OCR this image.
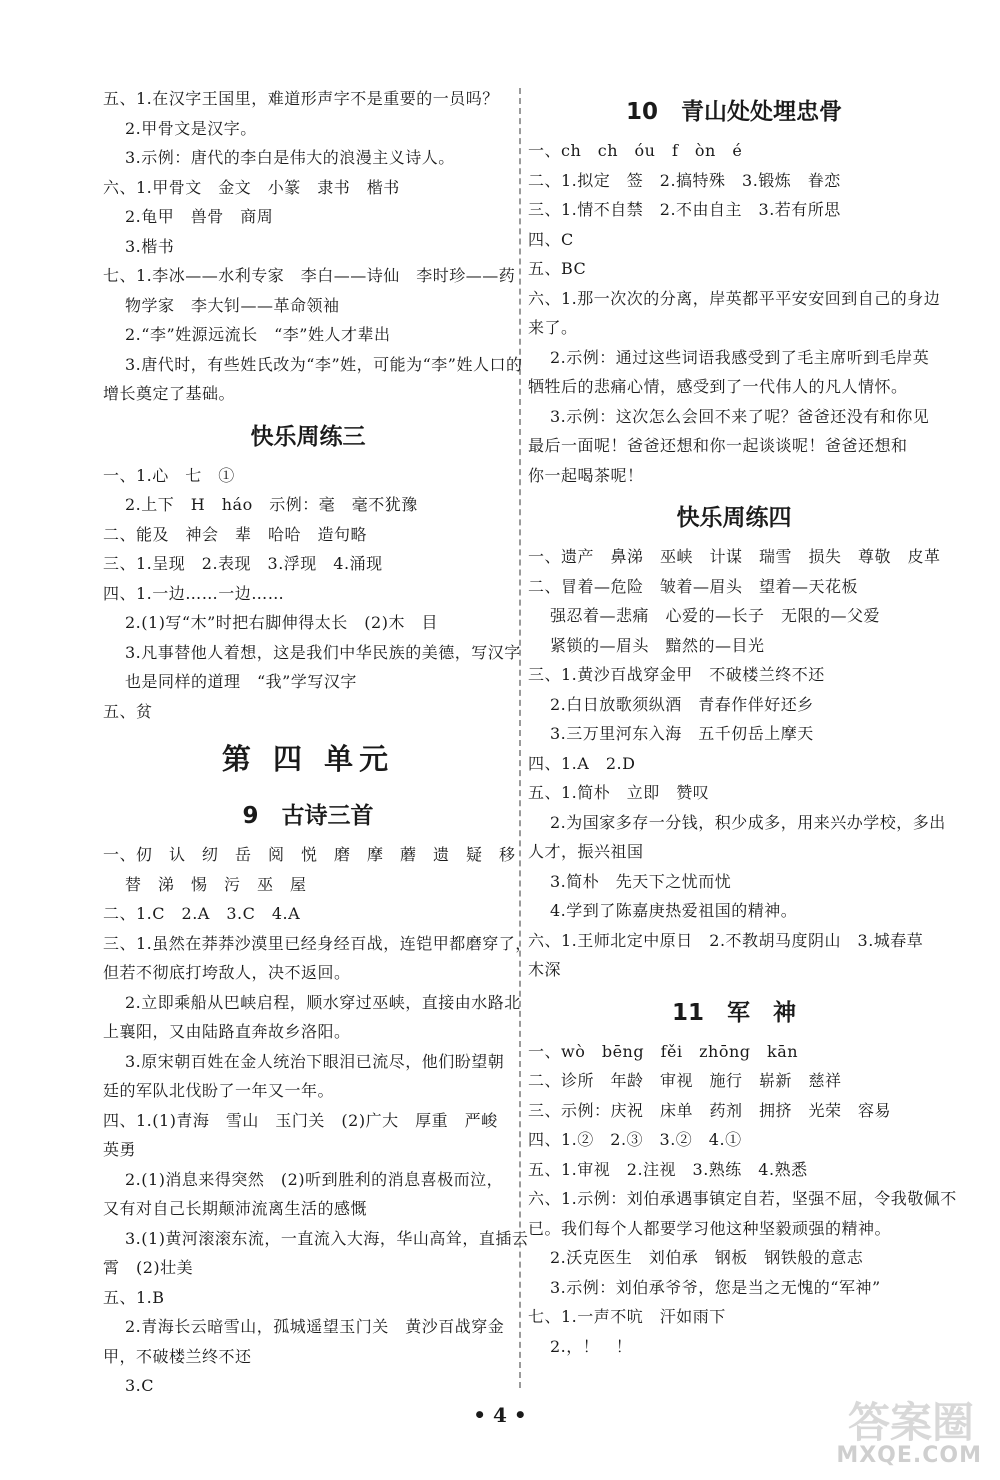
五、1.在汉字王国里，难道形声字不是重要的一员吗？
2.甲骨文是汉字。
3.示例：唐代的李白是伟大的浪漫主义诗人。
六、1.甲骨文　金文　小篆　隶书　楷书
2.龟甲　兽骨　商周
3.楷书
七、1.李冰——水利专家　李白——诗仙　李时珍——药
物学家　李大钊——革命领袖
2.“李”姓源远流长　“李”姓人才辈出
3.唐代时，有些姓氏改为“李”姓，可能为“李”姓人口的
增长奠定了基础。
快乐周练三
一、1.心　七　①
2.上下　H　háo　示例：毫　毫不犹豫
二、能及　神会　辈　哈哈　造句略
三、1.呈现　2.表现　3.浮现　4.涌现
四、1.一边……一边……
2.(1)写“木”时把右脚伸得太长　(2)木　目
3.凡事替他人着想，这是我们中华民族的美德，写汉字
也是同样的道理　“我”学写汉字
五、贫
第 四 单元
9　古诗三首
一、仞　认　纫　岳　阅　悦　磨　摩　蘑　遗　疑　移
替　涕　惕　污　巫　屋
二、1.C　2.A　3.C　4.A
三、1.虽然在莽莽沙漠里已经身经百战，连铠甲都磨穿了，
但若不彻底打垮敌人，决不返回。
2.立即乘船从巴峡启程，顺水穿过巫峡，直接由水路北
上襄阳，又由陆路直奔故乡洛阳。
3.原宋朝百姓在金人统治下眼泪已流尽，他们盼望朝
廷的军队北伐盼了一年又一年。
四、1.(1)青海　雪山　玉门关　(2)广大　厚重　严峻
英勇
2.(1)消息来得突然　(2)听到胜利的消息喜极而泣，
又有对自己长期颠沛流离生活的感慨
3.(1)黄河滚滚东流，一直流入大海，华山高耸，直插云
霄　(2)壮美
五、1.B
2.青海长云暗雪山，孤城遥望玉门关　黄沙百战穿金
甲，不破楼兰终不还
3.C
10　青山处处埋忠骨
一、ch　ch　óu　f　òn　é
二、1.拟定　签　2.搞特殊　3.锻炼　眷恋
三、1.情不自禁　2.不由自主　3.若有所思
四、C
五、BC
六、1.那一次次的分离，岸英都平平安安回到自己的身边
来了。
2.示例：通过这些词语我感受到了毛主席听到毛岸英
牺牲后的悲痛心情，感受到了一代伟人的凡人情怀。
3.示例：这次怎么会回不来了呢？爸爸还没有和你见
最后一面呢！爸爸还想和你一起谈谈呢！爸爸还想和
你一起喝茶呢！
快乐周练四
一、遗产　鼻涕　巫峡　计谋　瑞雪　损失　尊敬　皮革
二、冒着—危险　皱着—眉头　望着—天花板
强忍着—悲痛　心爱的—长子　无限的—父爱
紧锁的—眉头　黯然的—目光
三、1.黄沙百战穿金甲　不破楼兰终不还
2.白日放歌须纵酒　青春作伴好还乡
3.三万里河东入海　五千仞岳上摩天
四、1.A　2.D
五、1.简朴　立即　赞叹
2.为国家多存一分钱，积少成多，用来兴办学校，多出
人才，振兴祖国
3.简朴　先天下之忧而忧
4.学到了陈嘉庚热爱祖国的精神。
六、1.王师北定中原日　2.不教胡马度阴山　3.城春草
木深
11　军　神
一、wò　bēng　fěi　zhōng　kān
二、诊所　年龄　审视　施行　崭新　慈祥
三、示例：庆祝　床单　药剂　拥挤　光荣　容易
四、1.②　2.③　3.②　4.①
五、1.审视　2.注视　3.熟练　4.熟悉
六、1.示例：刘伯承遇事镇定自若，坚强不屈，令我敬佩不
已。我们每个人都要学习他这种坚毅顽强的精神。
2.沃克医生　刘伯承　钢板　钢铁般的意志
3.示例：刘伯承爷爷，您是当之无愧的“军神”
七、1.一声不吭　汗如雨下
2.，！　！
• 4 •	答案圈
MXQE.COM
